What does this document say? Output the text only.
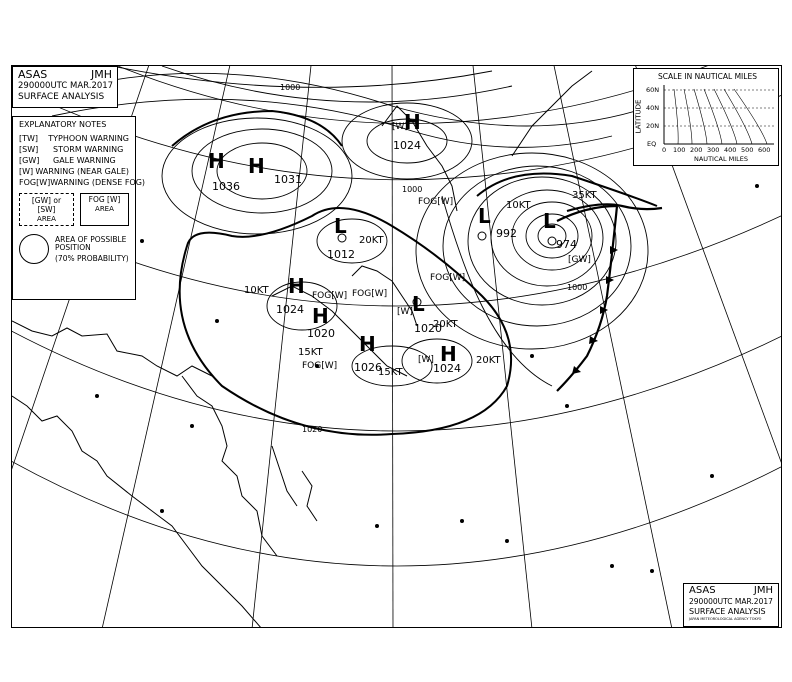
H
1031
H
1036
H
1024
L
1012
L
992
L
974
H
1024 H
1020
L
1020
H
1026
H
1024
1000
1020
1000
1000
20KT
10KT
15KT
15KT
20KT
20KT
10KT
35KT
FOG[W]
FOG[W]
FOG[W] FOG[W]
FOG[W]
[W]
[W]
[W]
[GW]
ASAS	JMH
290000UTC MAR.2017
SURFACE ANALYSIS
EXPLANATORY NOTES
[TW]	TYPHOON WARNING
[SW]	STORM WARNING
[GW]	GALE WARNING
[W] WARNING (NEAR GALE)
FOG[W] WARNING (DENSE FOG)
[GW] or [SW]
AREA
FOG [W]
AREA
AREA OF POSSIBLE
POSITION
(70% PROBABILITY)
SCALE IN NAUTICAL MILES
LATITUDE
60N
40N
20N
EQ
0 100 200 300 400 500 600
NAUTICAL MILES
ASAS	JMH
290000UTC MAR.2017
SURFACE ANALYSIS
JAPAN METEOROLOGICAL AGENCY TOKYO
